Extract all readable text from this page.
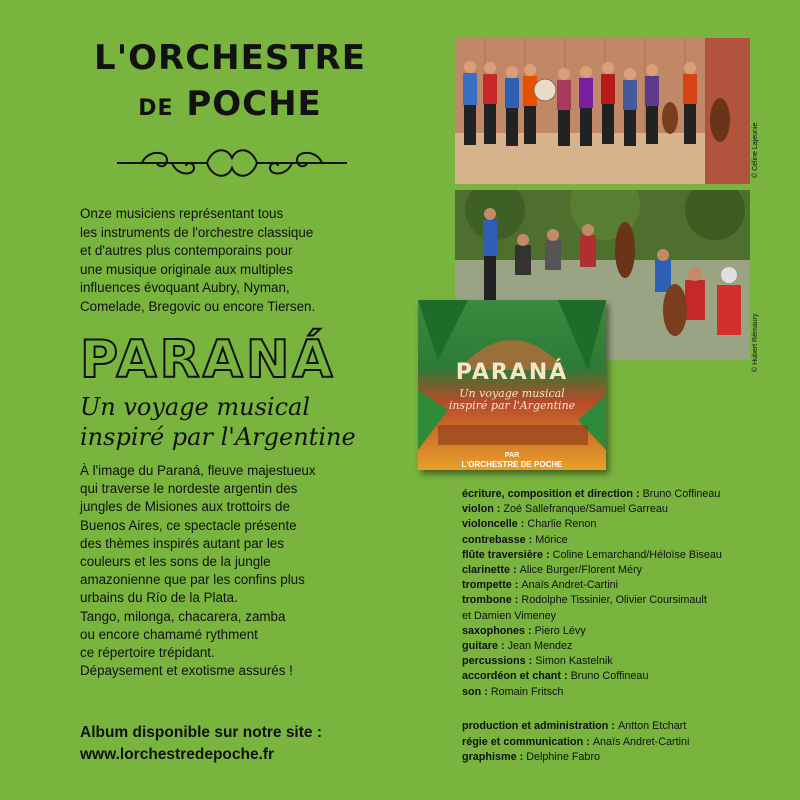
L'ORCHESTRE
DE POCHE
Onze musiciens représentant tous
les instruments de l'orchestre classique
et d'autres plus contemporains pour
une musique originale aux multiples
influences évoquant Aubry, Nyman,
Comelade, Bregovic ou encore Tiersen.
PARANÁ
Un voyage musical
inspiré par l'Argentine
À l'image du Paraná, fleuve majestueux
qui traverse le nordeste argentin des
jungles de Misiones aux trottoirs de
Buenos Aires, ce spectacle présente
des thèmes inspirés autant par les
couleurs et les sons de la jungle
amazonienne que par les confins plus
urbains du Río de la Plata.
Tango, milonga, chacarera, zamba
ou encore chamamé rythment
ce répertoire trépidant.
Dépaysement et exotisme assurés !
Album disponible sur notre site :
www.lorchestredepoche.fr
© Céline Lajeunie
© Hubert Rémaury
PARANÁ
Un voyage musical
inspiré par l'Argentine
PAR
L'ORCHESTRE DE POCHE
écriture, composition et direction : Bruno Coffineau
violon : Zoé Sallefranque/Samuel Garreau
violoncelle : Charlie Renon
contrebasse : Mörice
flûte traversière : Coline Lemarchand/Héloïse Biseau
clarinette : Alice Burger/Florent Méry
trompette : Anaïs Andret-Cartini
trombone : Rodolphe Tissinier, Olivier Coursimault
et Damien Vimeney
saxophones : Piero Lévy
guitare : Jean Mendez
percussions : Simon Kastelnik
accordéon et chant : Bruno Coffineau
son : Romain Fritsch
production et administration : Antton Etchart
régie et communication : Anaïs Andret-Cartini
graphisme : Delphine Fabro
